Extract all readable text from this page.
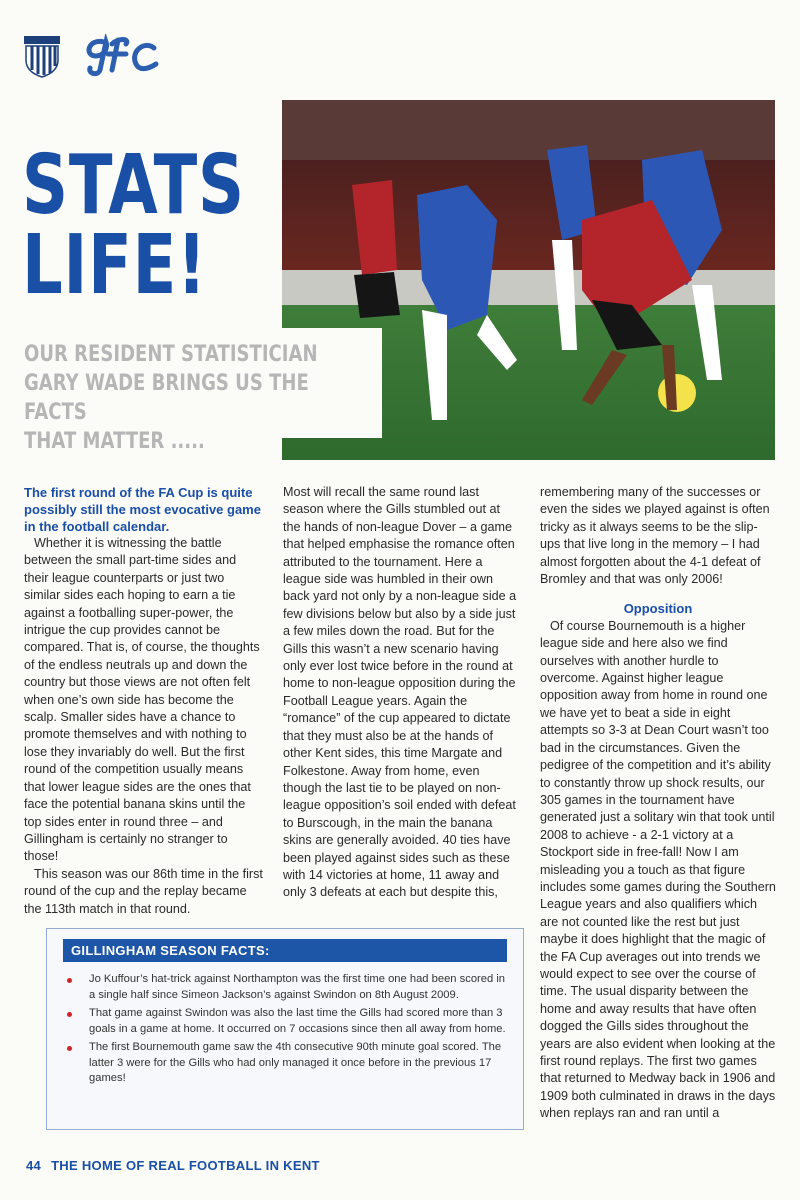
STATS
LIFE!
OUR RESIDENT STATISTICIAN
GARY WADE BRINGS US THE FACTS
THAT MATTER .....

The first round of the FA Cup is quite possibly still the most evocative game in the football calendar.

Whether it is witnessing the battle between the small part-time sides and their league counterparts or just two similar sides each hoping to earn a tie against a footballing super-power, the intrigue the cup provides cannot be compared. That is, of course, the thoughts of the endless neutrals up and down the country but those views are not often felt when one’s own side has become the scalp. Smaller sides have a chance to promote themselves and with nothing to lose they invariably do well. But the first round of the competition usually means that lower league sides are the ones that face the potential banana skins until the top sides enter in round three – and Gillingham is certainly no stranger to those!

This season was our 86th time in the first round of the cup and the replay became the 113th match in that round.

Most will recall the same round last season where the Gills stumbled out at the hands of non-league Dover – a game that helped emphasise the romance often attributed to the tournament. Here a league side was humbled in their own back yard not only by a non-league side a few divisions below but also by a side just a few miles down the road. But for the Gills this wasn’t a new scenario having only ever lost twice before in the round at home to non-league opposition during the Football League years. Again the “romance” of the cup appeared to dictate that they must also be at the hands of other Kent sides, this time Margate and Folkestone. Away from home, even though the last tie to be played on non-league opposition’s soil ended with defeat to Burscough, in the main the banana skins are generally avoided. 40 ties have been played against sides such as these with 14 victories at home, 11 away and only 3 defeats at each but despite this,

remembering many of the successes or even the sides we played against is often tricky as it always seems to be the slip-ups that live long in the memory – I had almost forgotten about the 4-1 defeat of Bromley and that was only 2006!

Opposition

Of course Bournemouth is a higher league side and here also we find ourselves with another hurdle to overcome. Against higher league opposition away from home in round one we have yet to beat a side in eight attempts so 3-3 at Dean Court wasn’t too bad in the circumstances. Given the pedigree of the competition and it’s ability to constantly throw up shock results, our 305 games in the tournament have generated just a solitary win that took until 2008 to achieve - a 2-1 victory at a Stockport side in free-fall! Now I am misleading you a touch as that figure includes some games during the Southern League years and also qualifiers which are not counted like the rest but just maybe it does highlight that the magic of the FA Cup averages out into trends we would expect to see over the course of time. The usual disparity between the home and away results that have often dogged the Gills sides throughout the years are also evident when looking at the first round replays. The first two games that returned to Medway back in 1906 and 1909 both culminated in draws in the days when replays ran and ran until a

GILLINGHAM SEASON FACTS:
Jo Kuffour’s hat-trick against Northampton was the first time one had been scored in a single half since Simeon Jackson’s against Swindon on 8th August 2009.
That game against Swindon was also the last time the Gills had scored more than 3 goals in a game at home. It occurred on 7 occasions since then all away from home.
The first Bournemouth game saw the 4th consecutive 90th minute goal scored. The latter 3 were for the Gills who had only managed it once before in the previous 17 games!
44 THE HOME OF REAL FOOTBALL IN KENT
